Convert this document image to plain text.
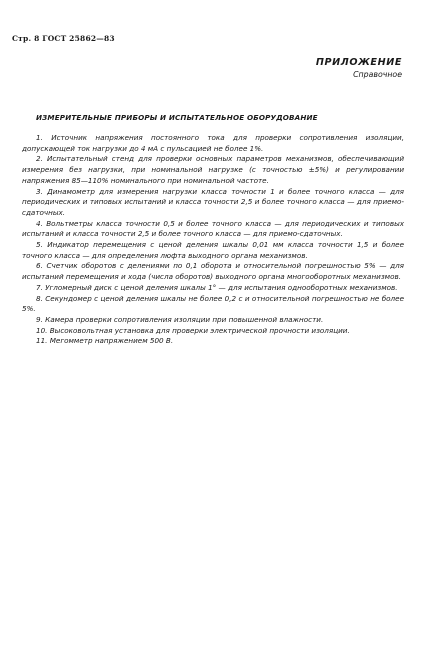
Стр. 8 ГОСТ 25862—83
ПРИЛОЖЕНИЕ
Справочное
ИЗМЕРИТЕЛЬНЫЕ ПРИБОРЫ И ИСПЫТАТЕЛЬНОЕ ОБОРУДОВАНИЕ

1. Источник напряжения постоянного тока для проверки сопротивления изоляции, допускающей ток нагрузки до 4 мА с пульсацией не более 1%.

2. Испытательный стенд для проверки основных параметров механизмов, обеспечивающий измерения без нагрузки, при номинальной нагрузке (с точностью ±5%) и регулировании напряжения 85—110% номинального при номинальной частоте.

3. Динамометр для измерения нагрузки класса точности 1 и более точного класса — для периодических и типовых испытаний и класса точности 2,5 и более точного класса — для приемо-сдаточных.

4. Вольтметры класса точности 0,5 и более точного класса — для периодических и типовых испытаний и класса точности 2,5 и более точного класса — для приемо-сдаточных.

5. Индикатор перемещения с ценой деления шкалы 0,01 мм класса точности 1,5 и более точного класса — для определения люфта выходного органа механизмов.

6. Счетчик оборотов с делениями по 0,1 оборота и относительной погрешностью 5% — для испытаний перемещения и хода (числа оборотов) выходного органа многооборотных механизмов.

7. Угломерный диск с ценой деления шкалы 1° — для испытания однооборотных механизмов.

8. Секундомер с ценой деления шкалы не более 0,2 с и относительной погрешностью не более 5%.

9. Камера проверки сопротивления изоляции при повышенной влажности.

10. Высоковольтная установка для проверки электрической прочности изоляции.

11. Мегомметр напряжением 500 В.
